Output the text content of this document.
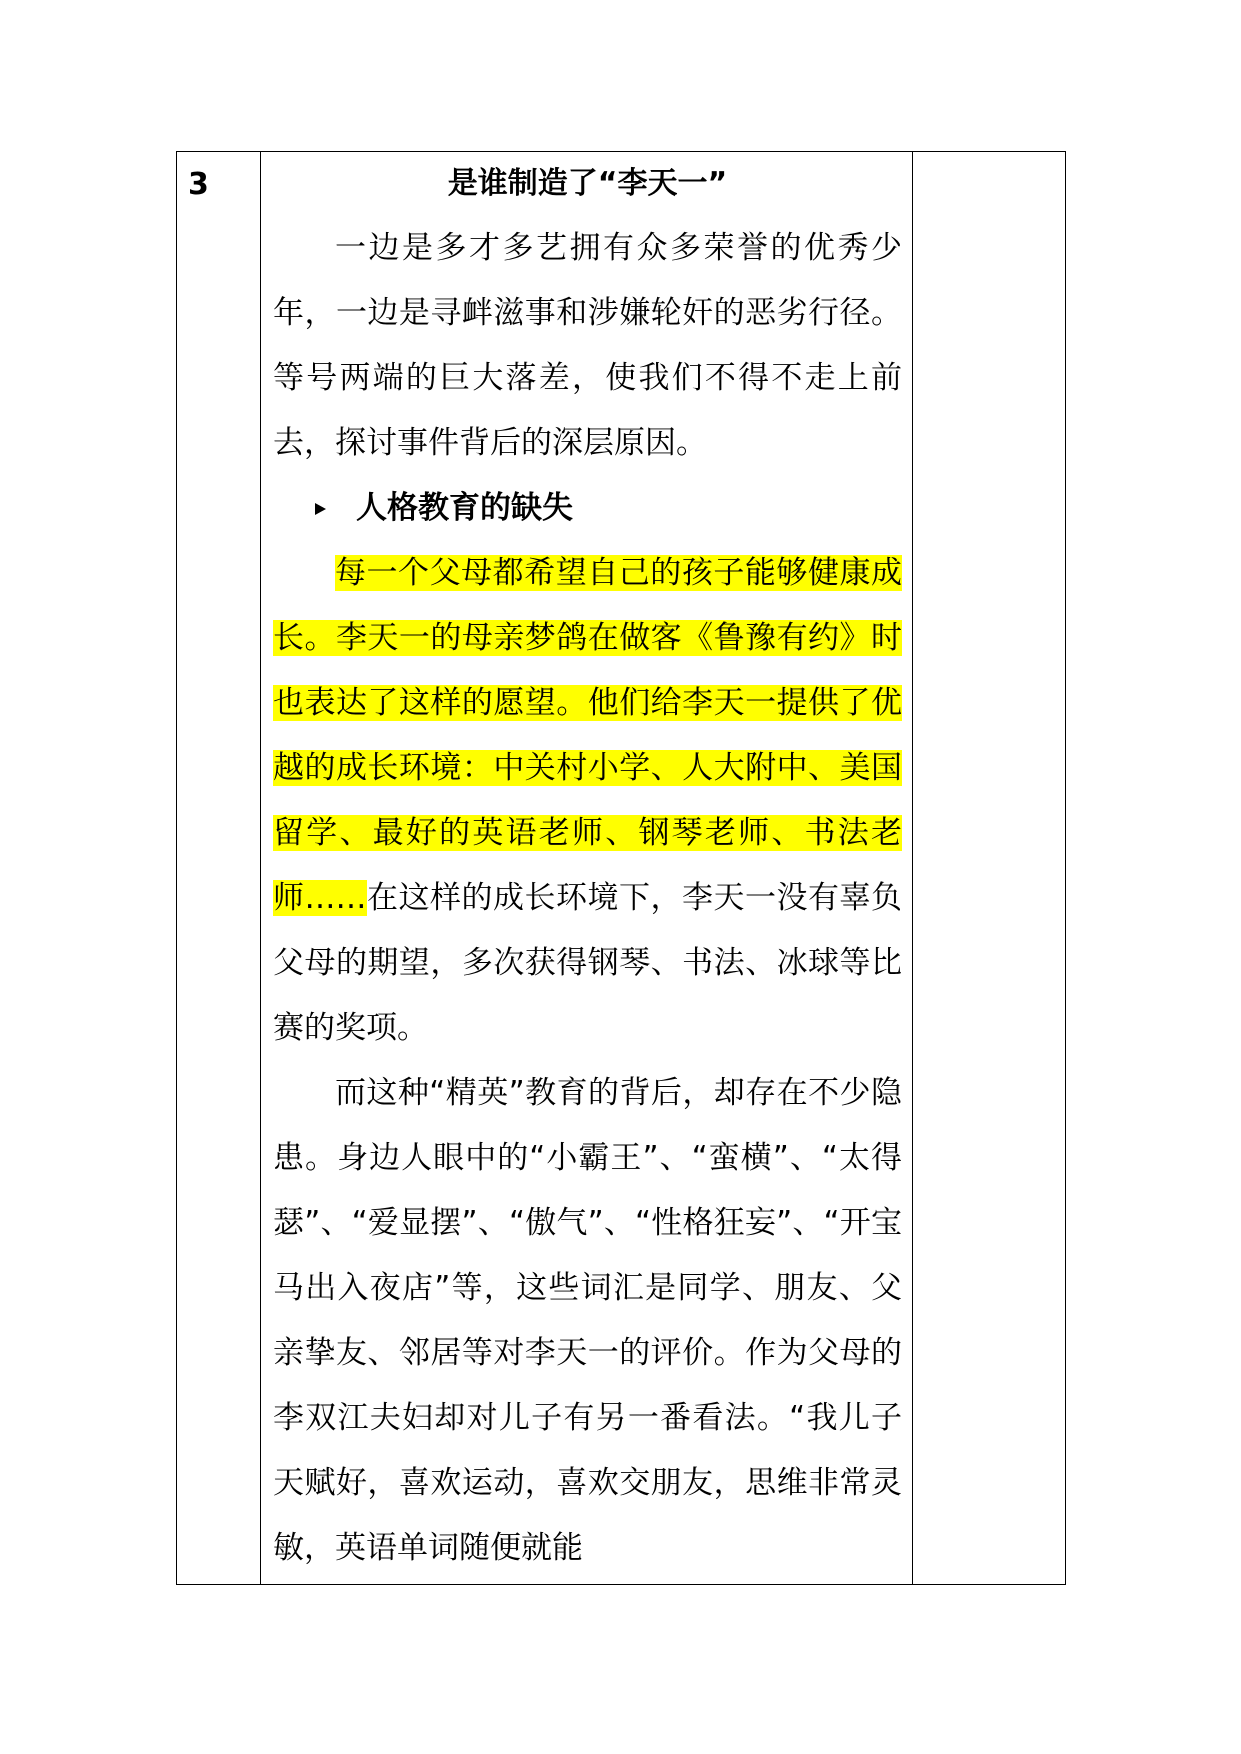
3	是谁制造了“李天一”

一边是多才多艺拥有众多荣誉的优秀少年，一边是寻衅滋事和涉嫌轮奸的恶劣行径。等号两端的巨大落差，使我们不得不走上前去，探讨事件背后的深层原因。

人格教育的缺失

每一个父母都希望自己的孩子能够健康成长。李天一的母亲梦鸽在做客《鲁豫有约》时也表达了这样的愿望。他们给李天一提供了优越的成长环境：中关村小学、人大附中、美国留学、最好的英语老师、钢琴老师、书法老师……在这样的成长环境下，李天一没有辜负父母的期望，多次获得钢琴、书法、冰球等比赛的奖项。

而这种“精英”教育的背后，却存在不少隐患。身边人眼中的“小霸王”、“蛮横”、“太得瑟”、“爱显摆”、“傲气”、“性格狂妄”、“开宝马出入夜店”等，这些词汇是同学、朋友、父亲挚友、邻居等对李天一的评价。作为父母的李双江夫妇却对儿子有另一番看法。“我儿子天赋好，喜欢运动，喜欢交朋友，思维非常灵敏，英语单词随便就能
